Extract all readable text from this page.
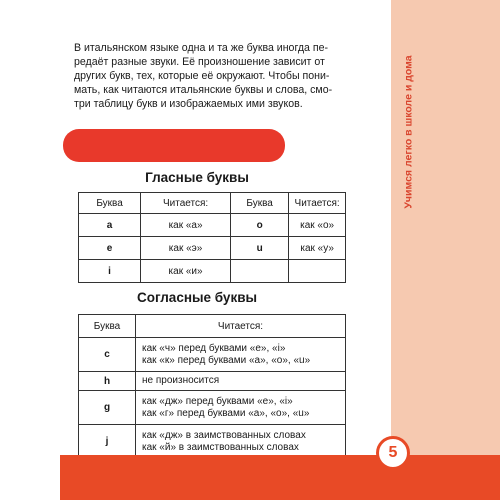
В итальянском языке одна и та же буква иногда пе-
редаёт разные звуки. Её произношение зависит от
других букв, тех, которые её окружают. Чтобы пони-
мать, как читаются итальянские буквы и слова, смо-
три таблицу букв и изображаемых ими звуков.

Гласные буквы
Буква	Читается:	Буква	Читается:
a	как «а»	o	как «о»
e	как «э»	u	как «у»
i	как «и»		
Согласные буквы
Буква	Читается:
c	как «ч» перед буквами «e», «i»
как «к» перед буквами «a», «o», «u»

h	не произносится

g	как «дж» перед буквами «e», «i»
как «г» перед буквами «a», «o», «u»

j	как «дж» в заимствованных словах
как «й» в заимствованных словах
Учимся легко в школе и дома
5
